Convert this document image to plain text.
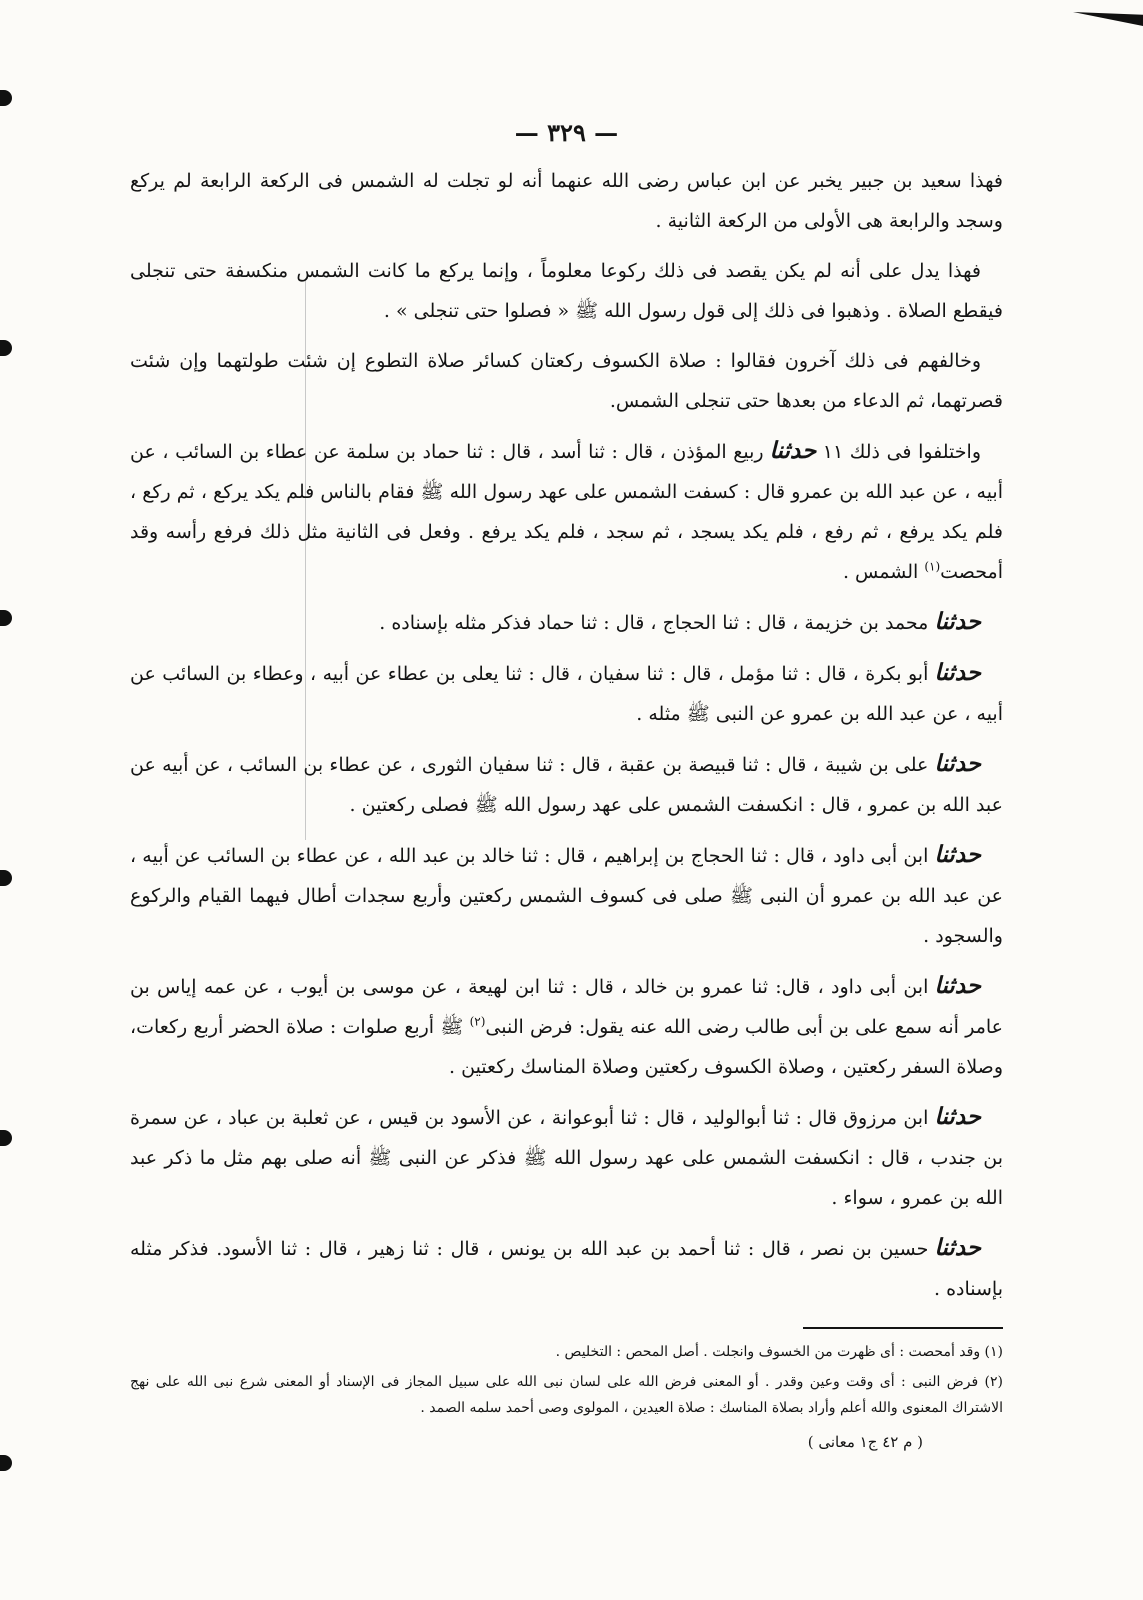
— ٣٢٩ —

فهذا سعيد بن جبير يخبر عن ابن عباس رضى الله عنهما أنه لو تجلت له الشمس فى الركعة الرابعة لم يركع وسجد والرابعة هى الأولى من الركعة الثانية .

فهذا يدل على أنه لم يكن يقصد فى ذلك ركوعا معلوماً ، وإنما يركع ما كانت الشمس منكسفة حتى تنجلى فيقطع الصلاة . وذهبوا فى ذلك إلى قول رسول الله ﷺ « فصلوا حتى تنجلى » .

وخالفهم فى ذلك آخرون فقالوا : صلاة الكسوف ركعتان كسائر صلاة التطوع إن شئت طولتهما وإن شئت قصرتهما، ثم الدعاء من بعدها حتى تنجلى الشمس.

واختلفوا فى ذلك ١١ حدثناربيع المؤذن ، قال : ثنا أسد ، قال : ثنا حماد بن سلمة عن عطاء بن السائب ، عن أبيه ، عن عبد الله بن عمرو قال : كسفت الشمس على عهد رسول الله ﷺ فقام بالناس فلم يكد يركع ، ثم ركع ، فلم يكد يرفع ، ثم رفع ، فلم يكد يسجد ، ثم سجد ، فلم يكد يرفع . وفعل فى الثانية مثل ذلك فرفع رأسه وقد أمحصت$^{(١)}$ الشمس .

حدثنامحمد بن خزيمة ، قال : ثنا الحجاج ، قال : ثنا حماد فذكر مثله بإسناده .

حدثناأبو بكرة ، قال : ثنا مؤمل ، قال : ثنا سفيان ، قال : ثنا يعلى بن عطاء عن أبيه ، وعطاء بن السائب عن أبيه ، عن عبد الله بن عمرو عن النبى ﷺ مثله .

حدثناعلى بن شيبة ، قال : ثنا قبيصة بن عقبة ، قال : ثنا سفيان الثورى ، عن عطاء بن السائب ، عن أبيه عن عبد الله بن عمرو ، قال : انكسفت الشمس على عهد رسول الله ﷺ فصلى ركعتين .

حدثناابن أبى داود ، قال : ثنا الحجاج بن إبراهيم ، قال : ثنا خالد بن عبد الله ، عن عطاء بن السائب عن أبيه ، عن عبد الله بن عمرو أن النبى ﷺ صلى فى كسوف الشمس ركعتين وأربع سجدات أطال فيهما القيام والركوع والسجود .

حدثناابن أبى داود ، قال: ثنا عمرو بن خالد ، قال : ثنا ابن لهيعة ، عن موسى بن أيوب ، عن عمه إياس بن عامر أنه سمع على بن أبى طالب رضى الله عنه يقول: فرض النبى$^{(٢)}$ ﷺ أربع صلوات : صلاة الحضر أربع ركعات، وصلاة السفر ركعتين ، وصلاة الكسوف ركعتين وصلاة المناسك ركعتين .

حدثناابن مرزوق قال : ثنا أبوالوليد ، قال : ثنا أبوعوانة ، عن الأسود بن قيس ، عن ثعلبة بن عباد ، عن سمرة بن جندب ، قال : انكسفت الشمس على عهد رسول الله ﷺ فذكر عن النبى ﷺ أنه صلى بهم مثل ما ذكر عبد الله بن عمرو ، سواء .

حدثناحسين بن نصر ، قال : ثنا أحمد بن عبد الله بن يونس ، قال : ثنا زهير ، قال : ثنا الأسود. فذكر مثله بإسناده .

(١) وقد أمحصت : أى ظهرت من الخسوف وانجلت . أصل المحص : التخليص .

(٢) فرض النبى : أى وقت وعين وقدر . أو المعنى فرض الله على لسان نبى الله على سبيل المجاز فى الإسناد أو المعنى شرع نبى الله على نهج الاشتراك المعنوى والله أعلم وأراد بصلاة المناسك : صلاة العيدين ، المولوى وصى أحمد سلمه الصمد .

( م ٤٢ ج١ معانى )
